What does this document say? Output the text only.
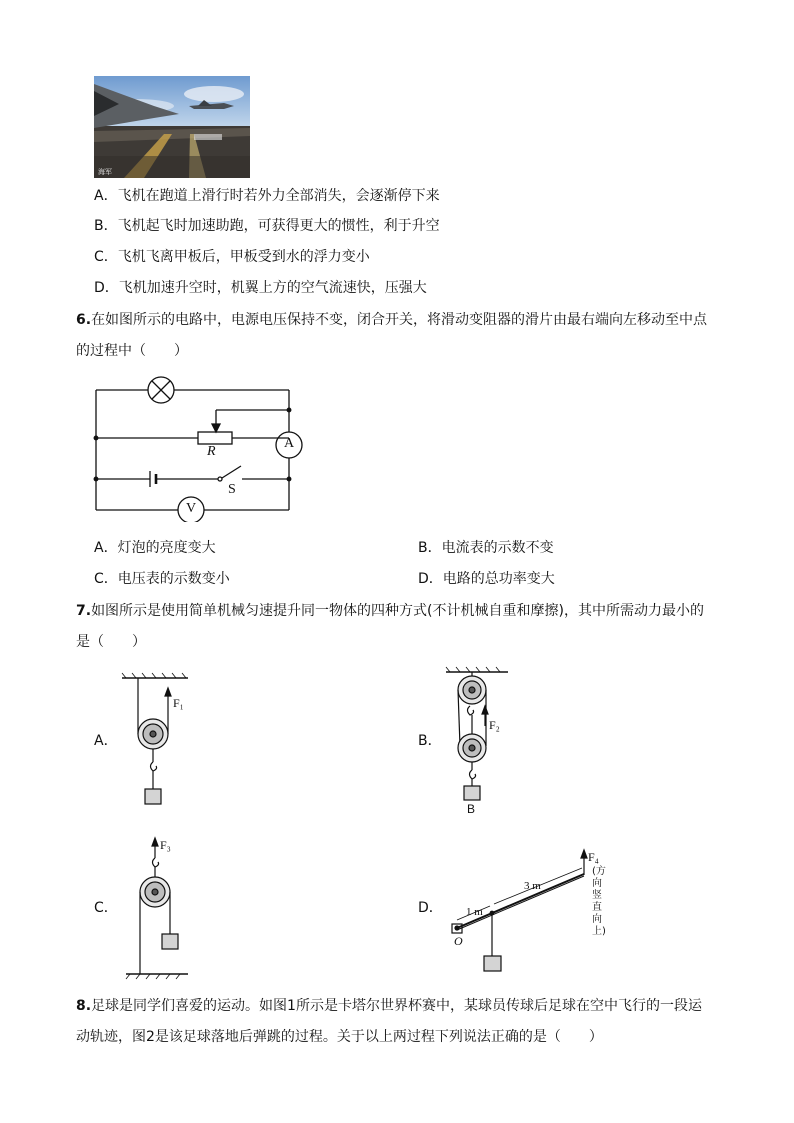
海军
A．飞机在跑道上滑行时若外力全部消失，会逐渐停下来
B．飞机起飞时加速助跑，可获得更大的惯性，利于升空
C．飞机飞离甲板后，甲板受到水的浮力变小
D．飞机加速升空时，机翼上方的空气流速快，压强大
6.在如图所示的电路中，电源电压保持不变，闭合开关，将滑动变阻器的滑片由最右端向左移动至中点
的过程中（　　）
R
S
A
V
A．灯泡的亮度变大	B．电流表的示数不变
C．电压表的示数变小	D．电路的总功率变大
7.如图所示是使用简单机械匀速提升同一物体的四种方式(不计机械自重和摩擦)，其中所需动力最小的
是（　　）
A．
F₁
B．
F₂
B
C．
F₃
D．
O
1 m
3 m
F₄
(方向竖直向上)
8.足球是同学们喜爱的运动。如图1所示是卡塔尔世界杯赛中，某球员传球后足球在空中飞行的一段运
动轨迹，图2是该足球落地后弹跳的过程。关于以上两过程下列说法正确的是（　　）
